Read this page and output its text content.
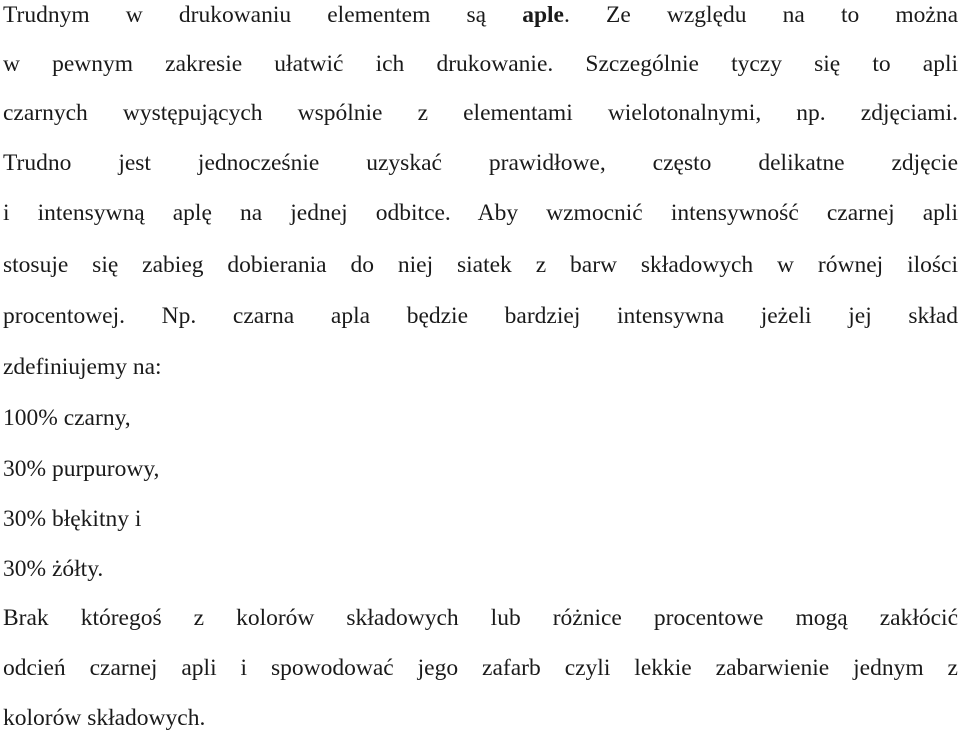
Trudnym w drukowaniu elementem są aple. Ze względu na to można
w pewnym zakresie ułatwić ich drukowanie. Szczególnie tyczy się to apli
czarnych występujących wspólnie z elementami wielotonalnymi, np. zdjęciami.
Trudno jest jednocześnie uzyskać prawidłowe, często delikatne zdjęcie
i intensywną aplę na jednej odbitce. Aby wzmocnić intensywność czarnej apli
stosuje się zabieg dobierania do niej siatek z barw składowych w równej ilości
procentowej. Np. czarna apla będzie bardziej intensywna jeżeli jej skład
zdefiniujemy na:
100% czarny,
30% purpurowy,
30% błękitny i
30% żółty.
Brak któregoś z kolorów składowych lub różnice procentowe mogą zakłócić
odcień czarnej apli i spowodować jego zafarb czyli lekkie zabarwienie jednym z
kolorów składowych.
